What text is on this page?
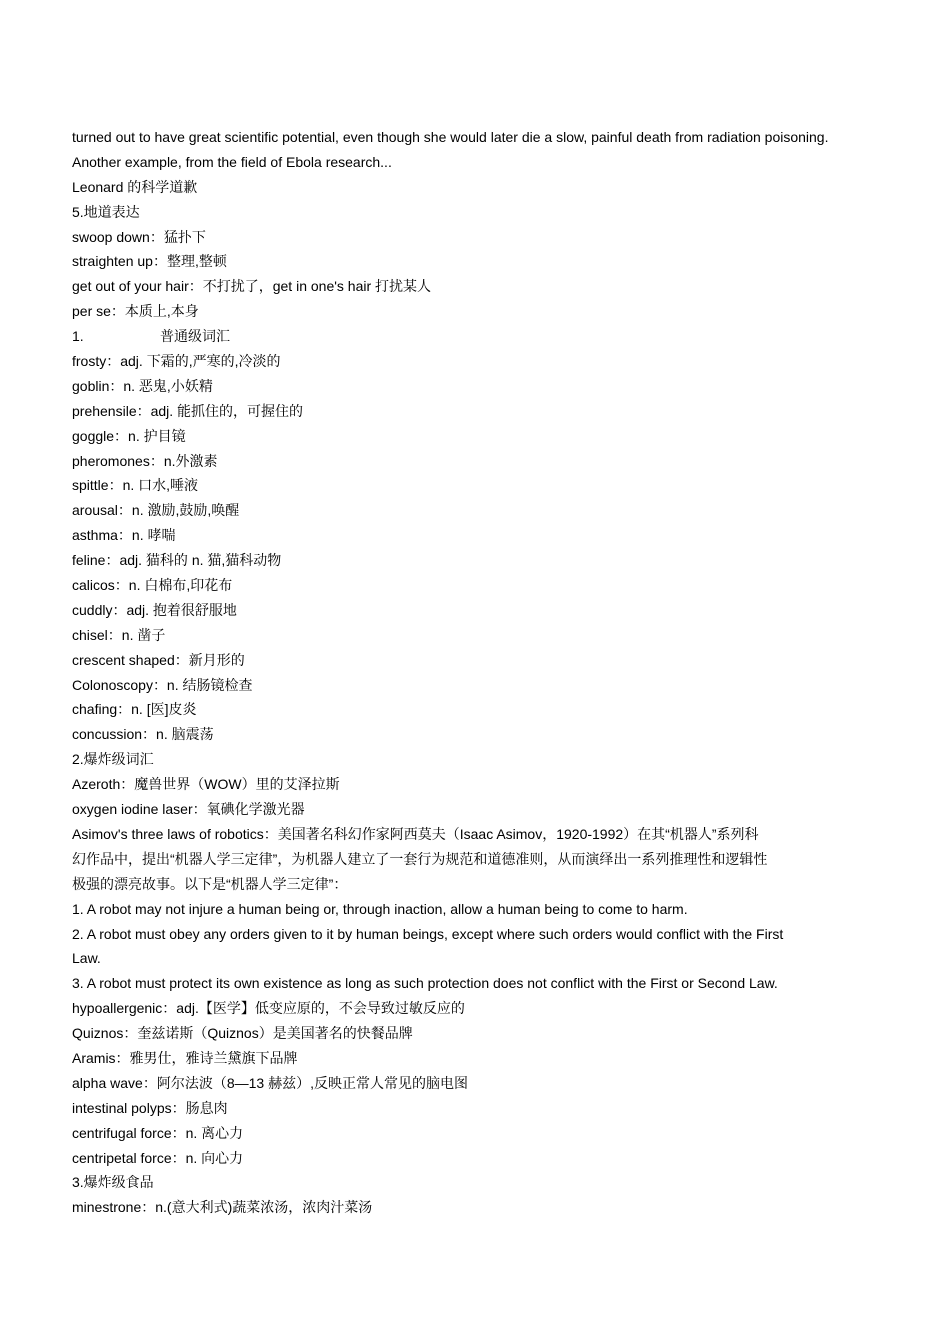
turned out to have great scientific potential, even though she would later die a slow, painful death from radiation poisoning.
Another example, from the field of Ebola research...
Leonard 的科学道歉
5.地道表达
swoop down：猛扑下
straighten up：整理,整顿
get out of your hair：不打扰了，get in one's hair 打扰某人
per se：本质上,本身
1.	普通级词汇
frosty：adj. 下霜的,严寒的,冷淡的
goblin：n. 恶鬼,小妖精
prehensile：adj. 能抓住的，可握住的
goggle：n. 护目镜
pheromones：n.外激素
spittle：n. 口水,唾液
arousal：n. 激励,鼓励,唤醒
asthma：n. 哮喘
feline：adj. 猫科的 n. 猫,猫科动物
calicos：n. 白棉布,印花布
cuddly：adj. 抱着很舒服地
chisel：n. 凿子
crescent shaped：新月形的
Colonoscopy：n. 结肠镜检查
chafing：n. [医]皮炎
concussion：n. 脑震荡
2.爆炸级词汇
Azeroth：魔兽世界（WOW）里的艾泽拉斯
oxygen iodine laser：氧碘化学激光器
Asimov's three laws of robotics：美国著名科幻作家阿西莫夫（Isaac Asimov，1920-1992）在其“机器人”系列科
幻作品中，提出“机器人学三定律”，为机器人建立了一套行为规范和道德准则，从而演绎出一系列推理性和逻辑性
极强的漂亮故事。以下是“机器人学三定律”：
1. A robot may not injure a human being or, through inaction, allow a human being to come to harm.
2. A robot must obey any orders given to it by human beings, except where such orders would conflict with the First
Law.
3. A robot must protect its own existence as long as such protection does not conflict with the First or Second Law.
hypoallergenic：adj.【医学】低变应原的，不会导致过敏反应的
Quiznos：奎兹诺斯（Quiznos）是美国著名的快餐品牌
Aramis：雅男仕，雅诗兰黛旗下品牌
alpha wave：阿尔法波（8—13 赫兹）,反映正常人常见的脑电图
intestinal polyps：肠息肉
centrifugal force：n. 离心力
centripetal force：n. 向心力
3.爆炸级食品
minestrone：n.(意大利式)蔬菜浓汤，浓肉汁菜汤
